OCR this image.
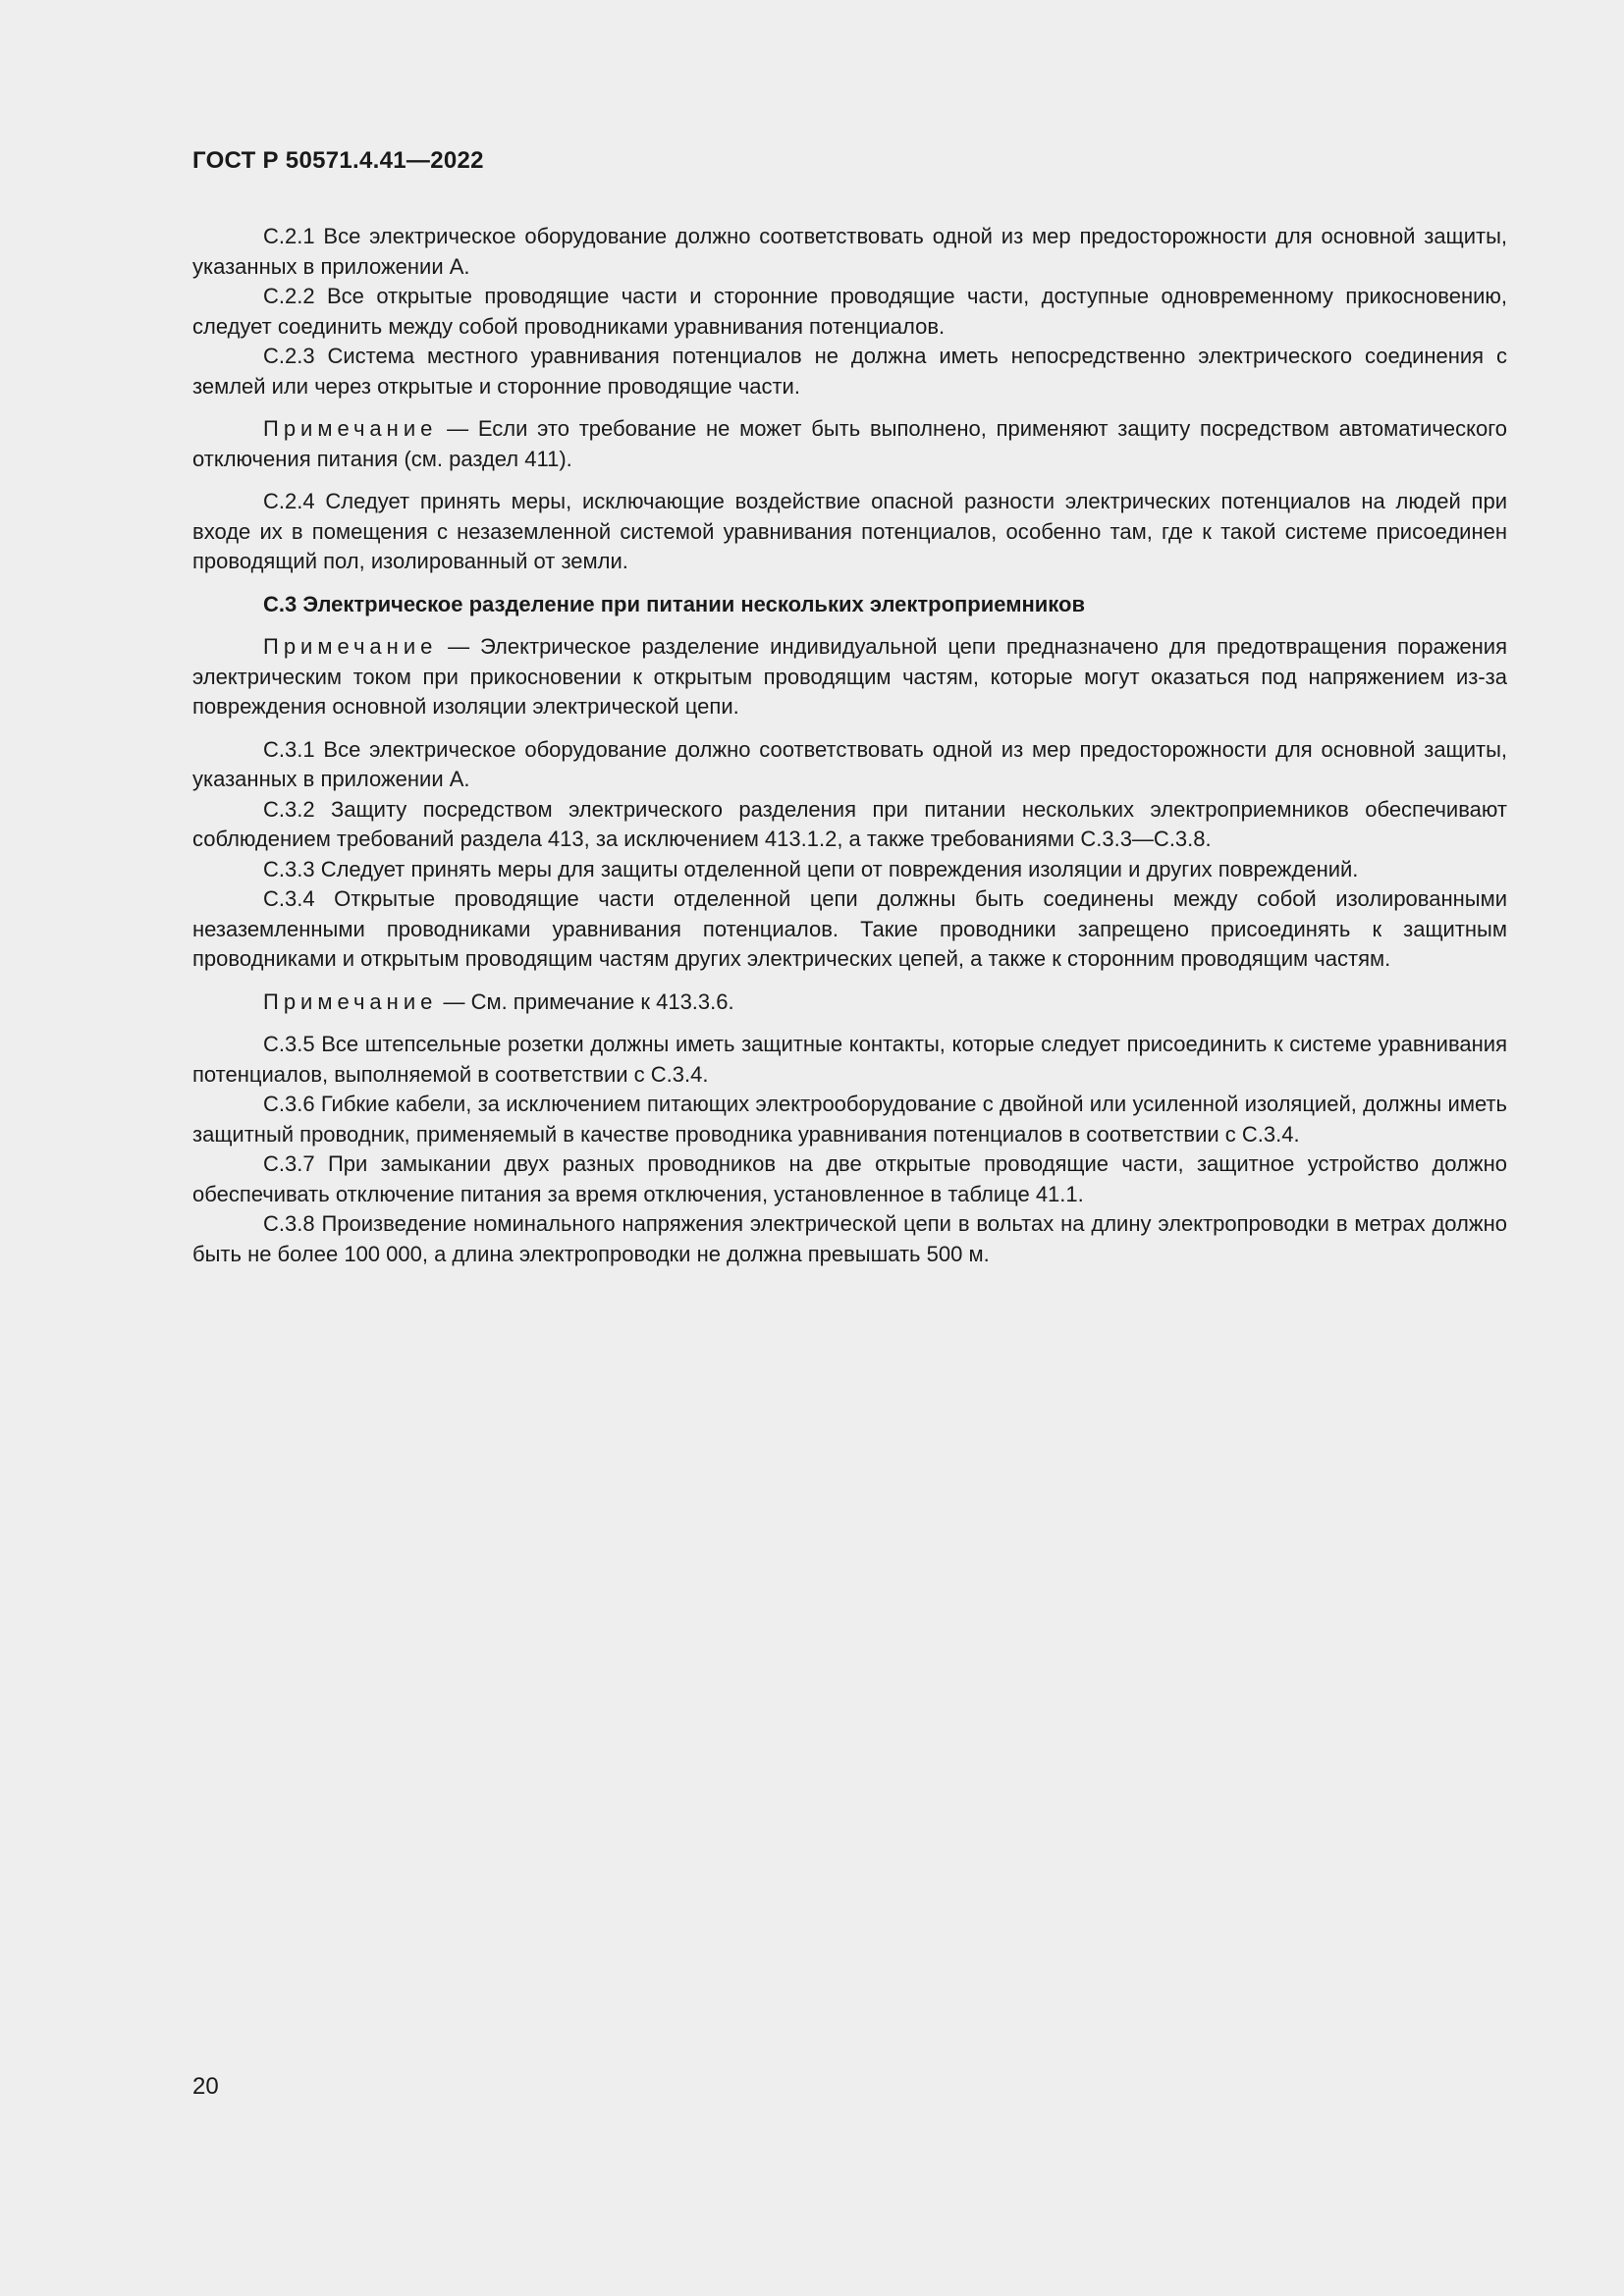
ГОСТ Р 50571.4.41—2022

С.2.1 Все электрическое оборудование должно соответствовать одной из мер предосторожности для основной защиты, указанных в приложении А.

С.2.2 Все открытые проводящие части и сторонние проводящие части, доступные одновременному прикосновению, следует соединить между собой проводниками уравнивания потенциалов.

С.2.3 Система местного уравнивания потенциалов не должна иметь непосредственно электрического соединения с землей или через открытые и сторонние проводящие части.

Примечание — Если это требование не может быть выполнено, применяют защиту посредством автоматического отключения питания (см. раздел 411).

С.2.4 Следует принять меры, исключающие воздействие опасной разности электрических потенциалов на людей при входе их в помещения с незаземленной системой уравнивания потенциалов, особенно там, где к такой системе присоединен проводящий пол, изолированный от земли.

С.3 Электрическое разделение при питании нескольких электроприемников

Примечание — Электрическое разделение индивидуальной цепи предназначено для предотвращения поражения электрическим током при прикосновении к открытым проводящим частям, которые могут оказаться под напряжением из-за повреждения основной изоляции электрической цепи.

С.3.1 Все электрическое оборудование должно соответствовать одной из мер предосторожности для основной защиты, указанных в приложении А.

С.3.2 Защиту посредством электрического разделения при питании нескольких электроприемников обеспечивают соблюдением требований раздела 413, за исключением 413.1.2, а также требованиями С.3.3—С.3.8.

С.3.3 Следует принять меры для защиты отделенной цепи от повреждения изоляции и других повреждений.

С.3.4 Открытые проводящие части отделенной цепи должны быть соединены между собой изолированными незаземленными проводниками уравнивания потенциалов. Такие проводники запрещено присоединять к защитным проводниками и открытым проводящим частям других электрических цепей, а также к сторонним проводящим частям.

Примечание — См. примечание к 413.3.6.

С.3.5 Все штепсельные розетки должны иметь защитные контакты, которые следует присоединить к системе уравнивания потенциалов, выполняемой в соответствии с С.3.4.

С.3.6 Гибкие кабели, за исключением питающих электрооборудование с двойной или усиленной изоляцией, должны иметь защитный проводник, применяемый в качестве проводника уравнивания потенциалов в соответствии с С.3.4.

С.3.7 При замыкании двух разных проводников на две открытые проводящие части, защитное устройство должно обеспечивать отключение питания за время отключения, установленное в таблице 41.1.

С.3.8 Произведение номинального напряжения электрической цепи в вольтах на длину электропроводки в метрах должно быть не более 100 000, а длина электропроводки не должна превышать 500 м.

20
